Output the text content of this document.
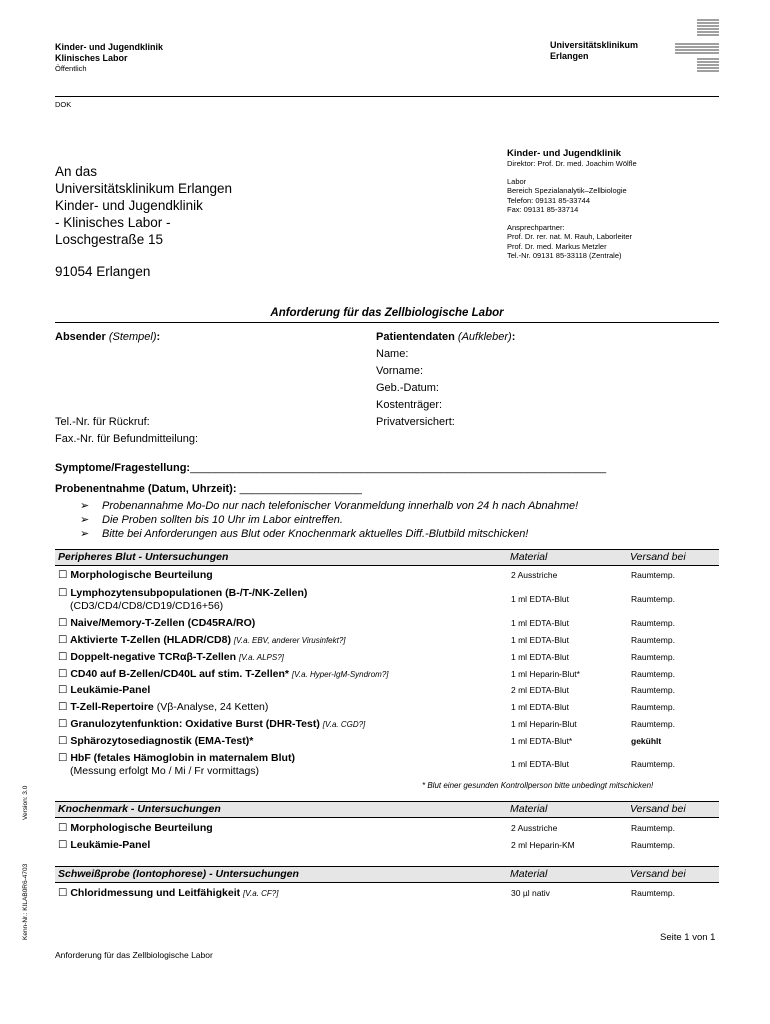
Kinder- und Jugendklinik
Klinisches Labor
Öffentlich
Universitätsklinikum
Erlangen
DOK
An das
Universitätsklinikum Erlangen
Kinder- und Jugendklinik
- Klinisches Labor -
Loschgestraße 15
91054 Erlangen
Kinder- und Jugendklinik
Direktor: Prof. Dr. med. Joachim Wölfle
Labor
Bereich Spezialanalytik–Zellbiologie
Telefon: 09131 85-33744
Fax: 09131 85-33714
Ansprechpartner:
Prof. Dr. rer. nat. M. Rauh, Laborleiter
Prof. Dr. med. Markus Metzler
Tel.-Nr. 09131 85-33118 (Zentrale)
Anforderung für das Zellbiologische Labor
Absender (Stempel):	Patientendaten (Aufkleber):
Name:
Vorname:
Geb.-Datum:
Kostenträger:
Privatversichert:
Tel.-Nr. für Rückruf:
Fax.-Nr. für Befundmitteilung:
Symptome/Fragestellung:____________________________________________________________________
Probenentnahme (Datum, Uhrzeit): ____________________
➢ Probenannahme Mo-Do nur nach telefonischer Voranmeldung innerhalb von 24 h nach Abnahme!
➢ Die Proben sollten bis 10 Uhr im Labor eintreffen.
➢ Bitte bei Anforderungen aus Blut oder Knochenmark aktuelles Diff.-Blutbild mitschicken!
Peripheres Blut - Untersuchungen	Material	Versand bei
☐ Morphologische Beurteilung	2 Ausstriche	Raumtemp.
☐ Lymphozytensubpopulationen (B-/T-/NK-Zellen)
(CD3/CD4/CD8/CD19/CD16+56)
1 ml EDTA-Blut	Raumtemp.
☐ Naive/Memory-T-Zellen (CD45RA/RO)	1 ml EDTA-Blut	Raumtemp.
☐ Aktivierte T-Zellen (HLADR/CD8) [V.a. EBV, anderer Virusinfekt?]	1 ml EDTA-Blut	Raumtemp.
☐ Doppelt-negative TCRαβ-T-Zellen [V.a. ALPS?]	1 ml EDTA-Blut	Raumtemp.
☐ CD40 auf B-Zellen/CD40L auf stim. T-Zellen* [V.a. Hyper-IgM-Syndrom?]	1 ml Heparin-Blut*	Raumtemp.
☐ Leukämie-Panel	2 ml EDTA-Blut	Raumtemp.
☐ T-Zell-Repertoire (Vβ-Analyse, 24 Ketten)	1 ml EDTA-Blut	Raumtemp.
☐ Granulozytenfunktion: Oxidative Burst (DHR-Test) [V.a. CGD?]	1 ml Heparin-Blut	Raumtemp.
☐ Sphärozytosediagnostik (EMA-Test)*	1 ml EDTA-Blut*	gekühlt
☐ HbF (fetales Hämoglobin in maternalem Blut)
(Messung erfolgt Mo / Mi / Fr vormittags)
1 ml EDTA-Blut	Raumtemp.
* Blut einer gesunden Kontrollperson bitte unbedingt mitschicken!
Knochenmark - Untersuchungen	Material	Versand bei
☐ Morphologische Beurteilung	2 Ausstriche	Raumtemp.
☐ Leukämie-Panel	2 ml Heparin-KM	Raumtemp.
Schweißprobe (Iontophorese) - Untersuchungen	Material	Versand bei
☐ Chloridmessung und Leitfähigkeit [V.a. CF?]	30 µl nativ	Raumtemp.
Seite 1 von 1
Anforderung für das Zellbiologische Labor
Version: 3.0
Kenn-Nr.: KILAB0R6-4703
